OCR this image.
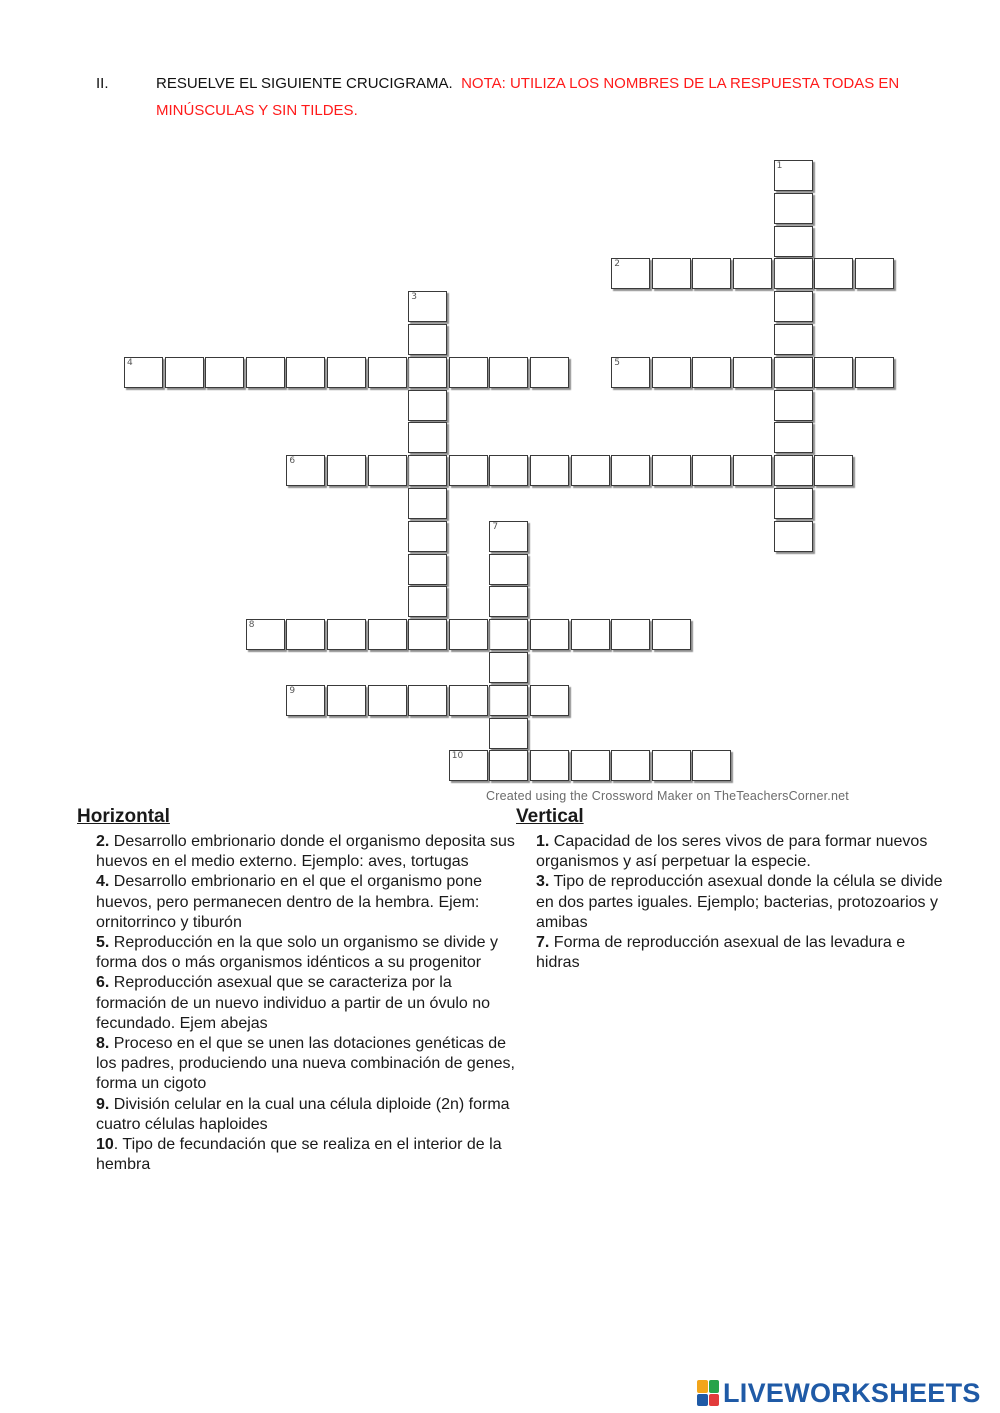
II.	RESUELVE EL SIGUIENTE CRUCIGRAMA. NOTA: UTILIZA LOS NOMBRES DE LA RESPUESTA TODAS EN MINÚSCULAS Y SIN TILDES.
1
2
3
4	5
6
7
8
9
10
Created using the Crossword Maker on TheTeachersCorner.net
Horizontal

2. Desarrollo embrionario donde el organismo deposita sus huevos en el medio externo. Ejemplo: aves, tortugas

4. Desarrollo embrionario en el que el organismo pone huevos, pero permanecen dentro de la hembra. Ejem: ornitorrinco y tiburón

5. Reproducción en la que solo un organismo se divide y forma dos o más organismos idénticos a su progenitor

6. Reproducción asexual que se caracteriza por la formación de un nuevo individuo a partir de un óvulo no fecundado. Ejem abejas

8. Proceso en el que se unen las dotaciones genéticas de los padres, produciendo una nueva combinación de genes, forma un cigoto

9. División celular en la cual una célula diploide (2n) forma cuatro células haploides

10. Tipo de fecundación que se realiza en el interior de la hembra

Vertical

1. Capacidad de los seres vivos de para formar nuevos organismos y así perpetuar la especie.

3. Tipo de reproducción asexual donde la célula se divide en dos partes iguales. Ejemplo; bacterias, protozoarios y amibas

7. Forma de reproducción asexual de las levadura e hidras

LIVEWORKSHEETS
